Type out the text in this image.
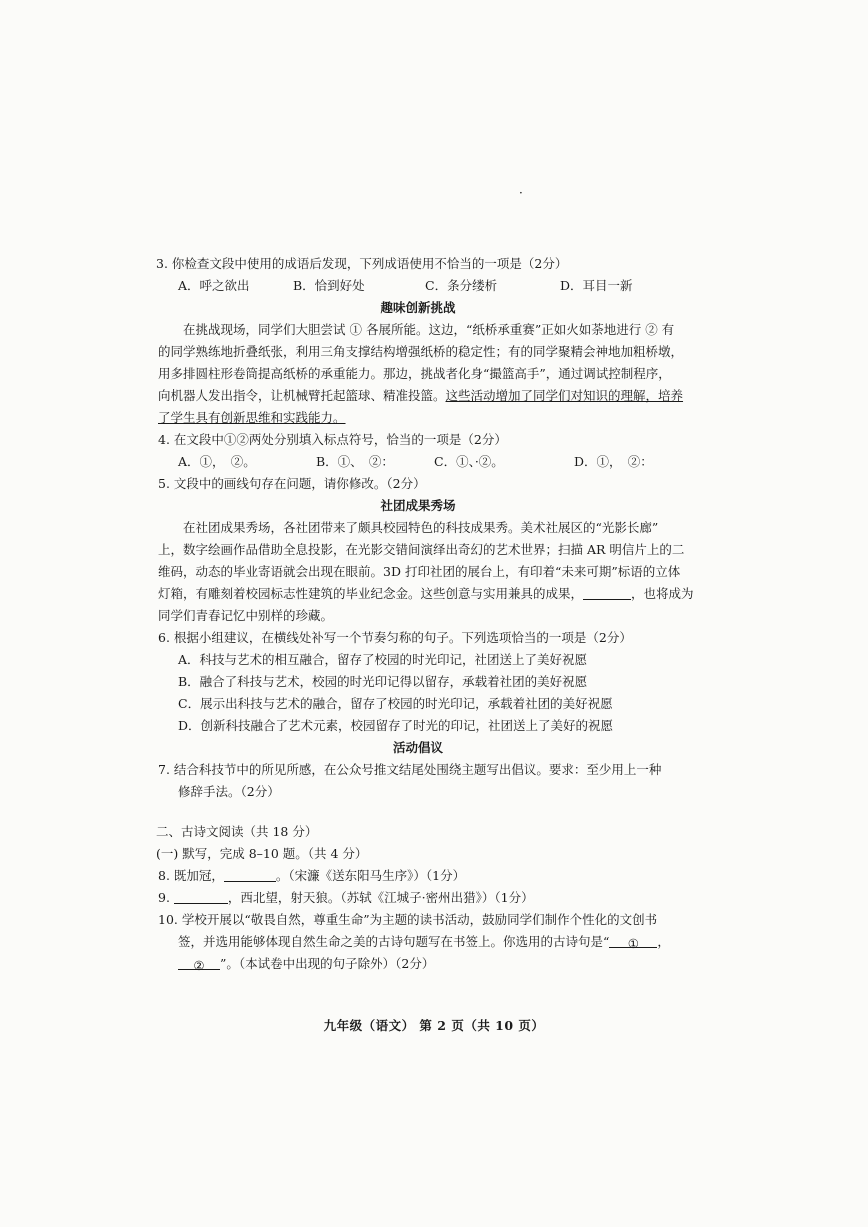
·
3. 你检查文段中使用的成语后发现，下列成语使用不恰当的一项是（2分）
A．呼之欲出	B．恰到好处	C．条分缕析	D．耳目一新
趣味创新挑战
在挑战现场，同学们大胆尝试 ① 各展所能。这边，“纸桥承重赛”正如火如荼地进行 ② 有
的同学熟练地折叠纸张，利用三角支撑结构增强纸桥的稳定性；有的同学聚精会神地加粗桥墩，
用多排圆柱形卷筒提高纸桥的承重能力。那边，挑战者化身“撮篮高手”，通过调试控制程序，
向机器人发出指令，让机械臂托起篮球、精准投篮。这些活动增加了同学们对知识的理解，培养
了学生具有创新思维和实践能力。
4. 在文段中①②两处分别填入标点符号，恰当的一项是（2分）
A．①，　②。	B．①、　②：	C．①、·②。	D．①，　②：
5. 文段中的画线句存在问题，请你修改。（2分）
社团成果秀场
在社团成果秀场，各社团带来了颇具校园特色的科技成果秀。美术社展区的“光影长廊”
上，数字绘画作品借助全息投影，在光影交错间演绎出奇幻的艺术世界；扫描 AR 明信片上的二
维码，动态的毕业寄语就会出现在眼前。3D 打印社团的展台上，有印着“未来可期”标语的立体
灯箱，有雕刻着校园标志性建筑的毕业纪念金。这些创意与实用兼具的成果，	，也将成为
同学们青春记忆中别样的珍藏。
6. 根据小组建议，在横线处补写一个节奏匀称的句子。下列选项恰当的一项是（2分）
A．科技与艺术的相互融合，留存了校园的时光印记，社团送上了美好祝愿
B．融合了科技与艺术，校园的时光印记得以留存，承载着社团的美好祝愿
C．展示出科技与艺术的融合，留存了校园的时光印记，承载着社团的美好祝愿
D．创新科技融合了艺术元素，校园留存了时光的印记，社团送上了美好的祝愿
活动倡议
7. 结合科技节中的所见所感，在公众号推文结尾处围绕主题写出倡议。要求：至少用上一种
修辞手法。（2分）
二、古诗文阅读（共 18 分）
(一) 默写，完成 8–10 题。（共 4 分）
8. 既加冠，	。（宋濂《送东阳马生序》）（1分）
9.	，西北望，射天狼。（苏轼《江城子·密州出猎》）（1分）
10. 学校开展以“敬畏自然，尊重生命”为主题的读书活动，鼓励同学们制作个性化的文创书
签，并选用能够体现自然生命之美的古诗句题写在书签上。你选用的古诗句是“ ① ，
② ”。（本试卷中出现的句子除外）（2分）
九年级（语文） 第 2 页（共 10 页）
